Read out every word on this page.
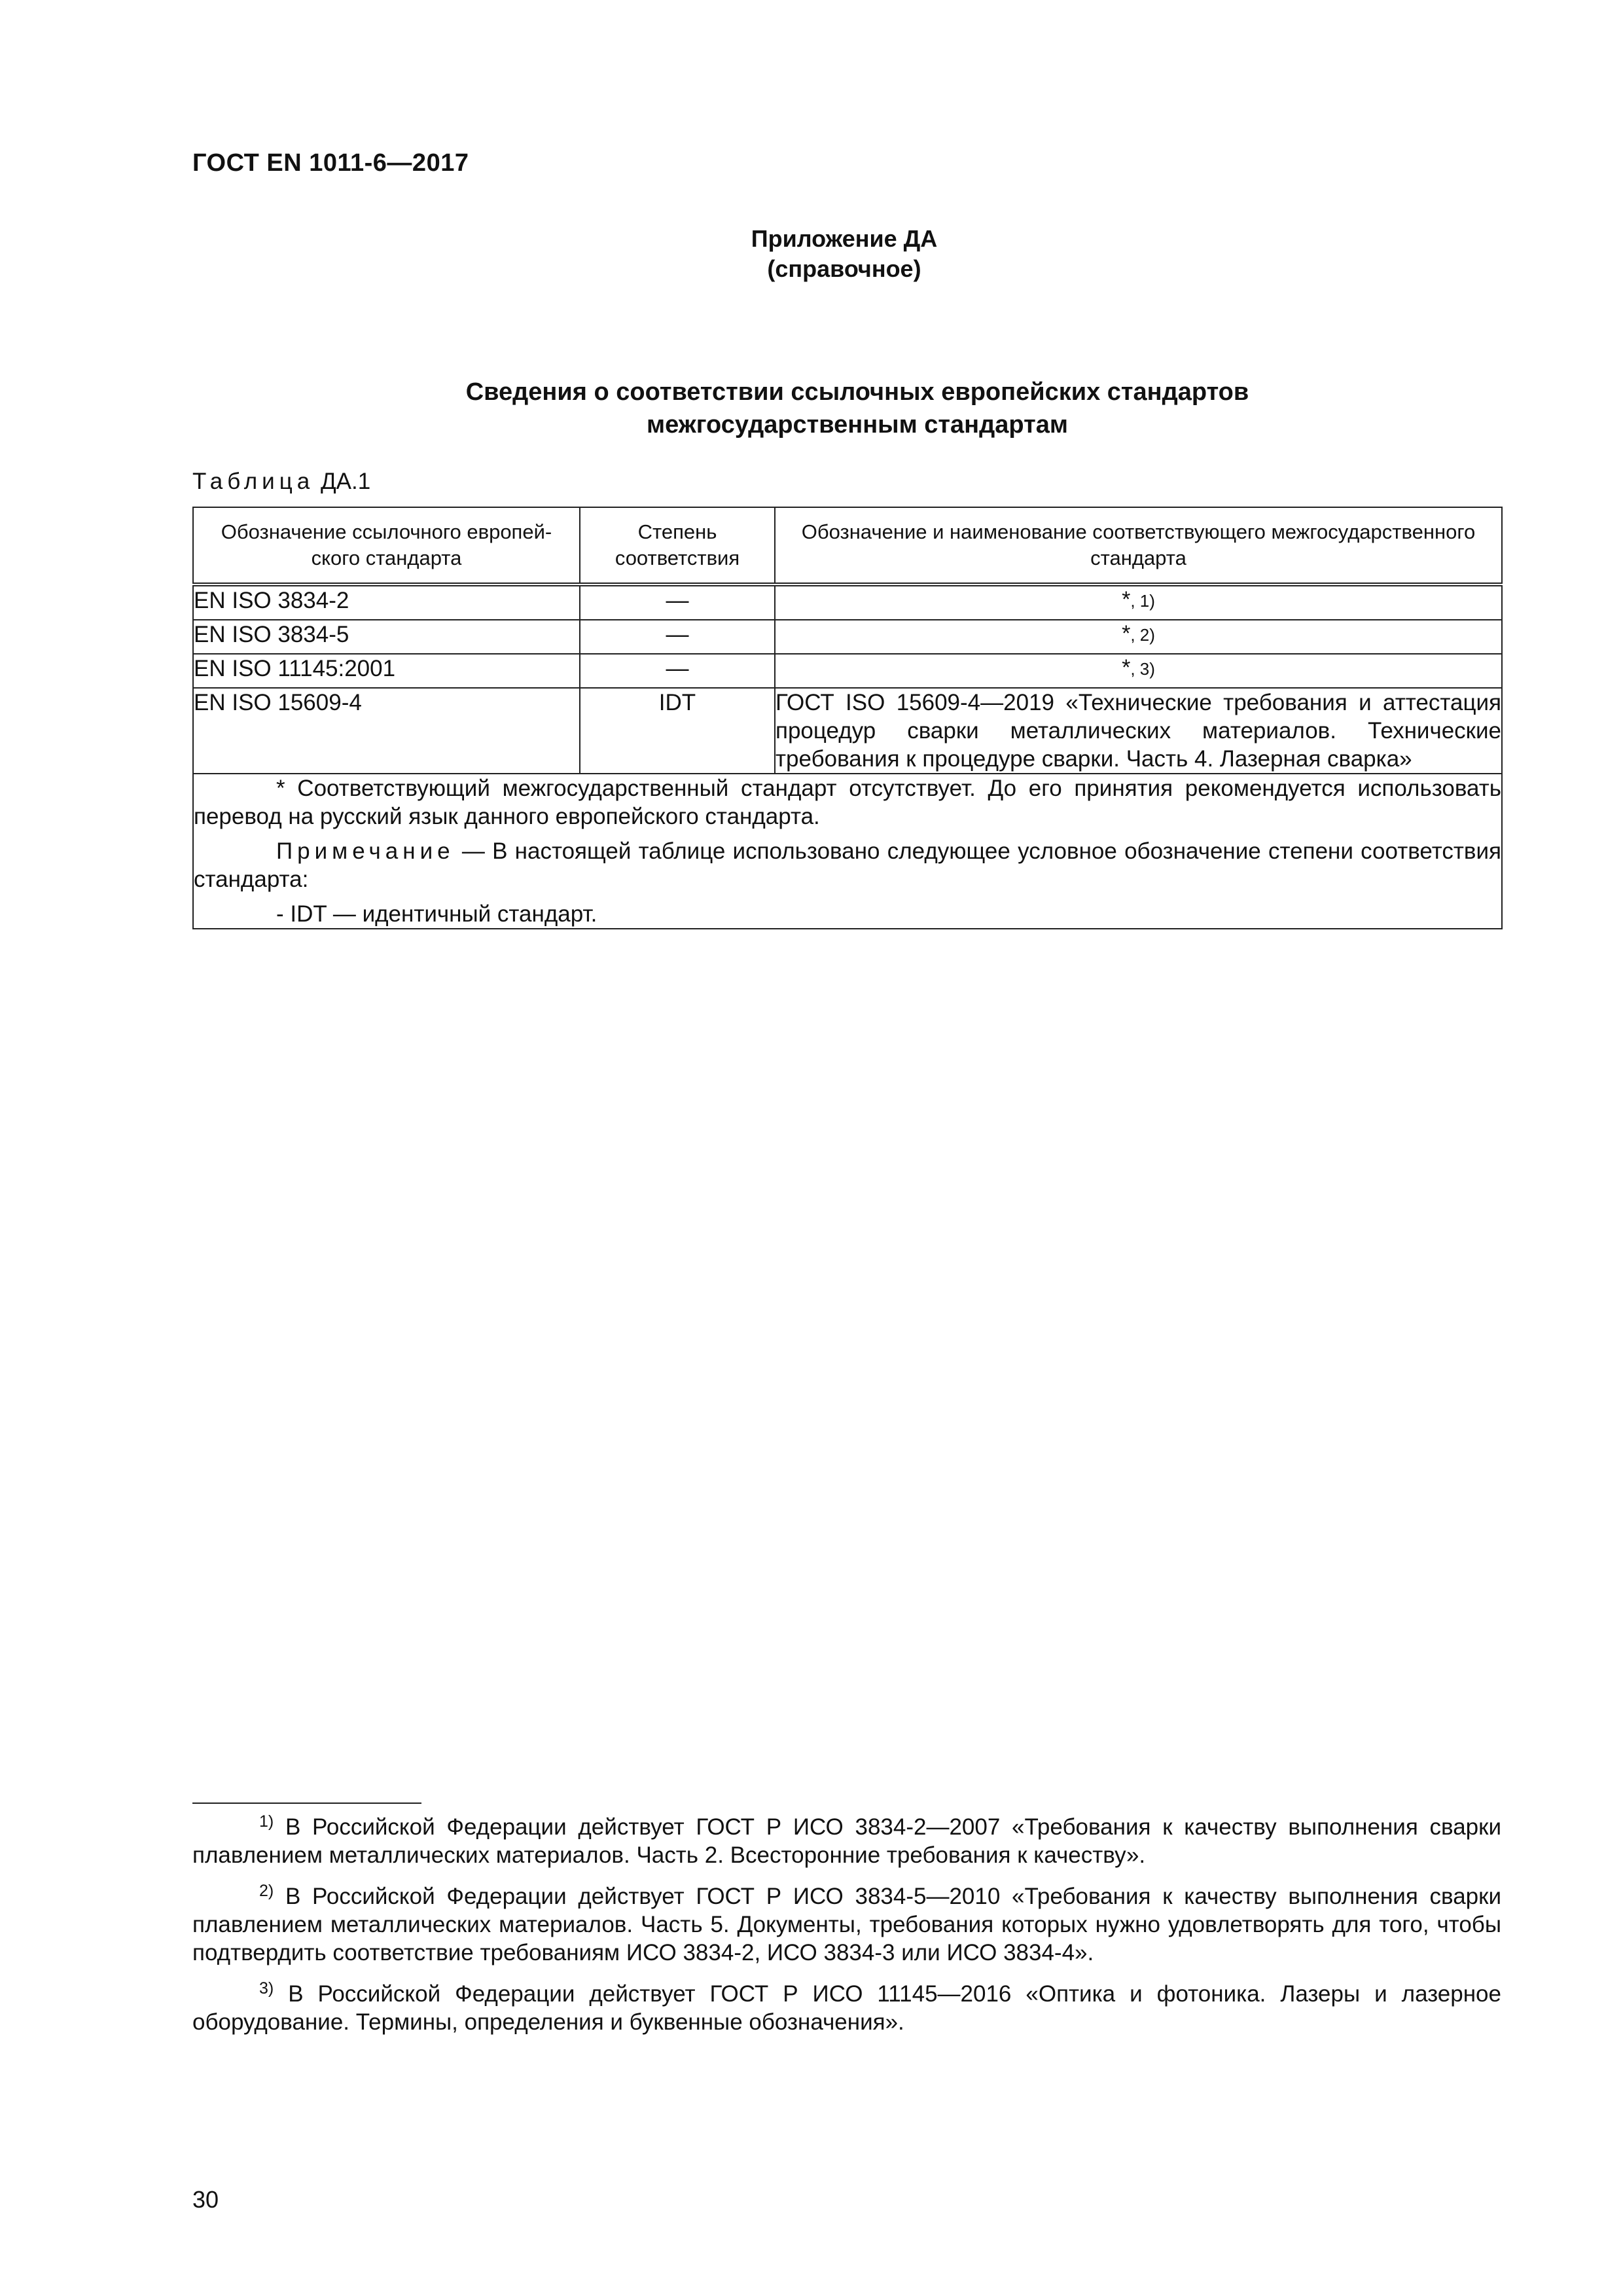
ГОСТ EN 1011-6—2017
Приложение ДА
(справочное)
Сведения о соответствии ссылочных европейских стандартов
межгосударственным стандартам
Таблица ДА.1
Обозначение ссылочного европей-ского стандарта	Степень соответствия	Обозначение и наименование соответствующего межгосударственного стандарта
EN ISO 3834-2	—	*, 1)
EN ISO 3834-5	—	*, 2)
EN ISO 11145:2001	—	*, 3)
EN ISO 15609-4	IDT	ГОСТ ISO 15609-4—2019 «Технические требования и аттестация процедур сварки металлических материалов. Технические требования к процедуре сварки. Часть 4. Лазерная сварка»

* Соответствующий межгосударственный стандарт отсутствует. До его принятия рекомендуется использовать перевод на русский язык данного европейского стандарта.

Примечание — В настоящей таблице использовано следующее условное обозначение степени соответствия стандарта:

- IDT — идентичный стандарт.		

$^{1)}$ В Российской Федерации действует ГОСТ Р ИСО 3834-2—2007 «Требования к качеству выполнения сварки плавлением металлических материалов. Часть 2. Всесторонние требования к качеству».

$^{2)}$ В Российской Федерации действует ГОСТ Р ИСО 3834-5—2010 «Требования к качеству выполнения сварки плавлением металлических материалов. Часть 5. Документы, требования которых нужно удовлетворять для того, чтобы подтвердить соответствие требованиям ИСО 3834-2, ИСО 3834-3 или ИСО 3834-4».

$^{3)}$ В Российской Федерации действует ГОСТ Р ИСО 11145—2016 «Оптика и фотоника. Лазеры и лазерное оборудование. Термины, определения и буквенные обозначения».

30
